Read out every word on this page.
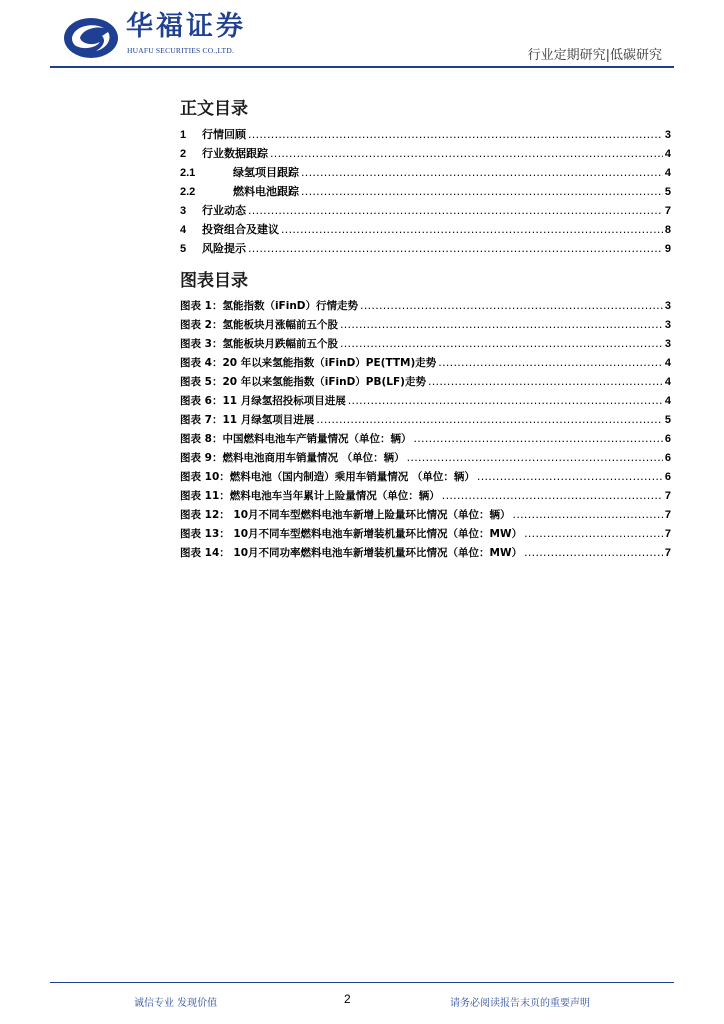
华福证券
HUAFU SECURITIES CO.,LTD.	行业定期研究|低碳研究
正文目录
1	行情回顾 .....	3
2	行业数据跟踪 .....	4
2.1	绿氢项目跟踪 .....	4
2.2	燃料电池跟踪 .....	5
3	行业动态 .....	7
4	投资组合及建议 .....	8
5	风险提示 .....	9
图表目录
图表 1：氢能指数（iFinD）行情走势 .....	3
图表 2：氢能板块月涨幅前五个股 .....	3
图表 3：氢能板块月跌幅前五个股 .....	3
图表 4：20 年以来氢能指数（iFinD）PE(TTM)走势 .....	4
图表 5：20 年以来氢能指数（iFinD）PB(LF)走势 .....	4
图表 6：11 月绿氢招投标项目进展 .....	4
图表 7：11 月绿氢项目进展 .....	5
图表 8：中国燃料电池车产销量情况（单位：辆） .....	6
图表 9：燃料电池商用车销量情况 （单位：辆） .....	6
图表 10：燃料电池（国内制造）乘用车销量情况 （单位：辆） .....	6
图表 11：燃料电池车当年累计上险量情况（单位：辆） .....	7
图表 12： 10月不同车型燃料电池车新增上险量环比情况（单位：辆） .....	7
图表 13： 10月不同车型燃料电池车新增装机量环比情况（单位：MW） .....	7
图表 14： 10月不同功率燃料电池车新增装机量环比情况（单位：MW） .....	7
诚信专业 发现价值	2	请务必阅读报告末页的重要声明
